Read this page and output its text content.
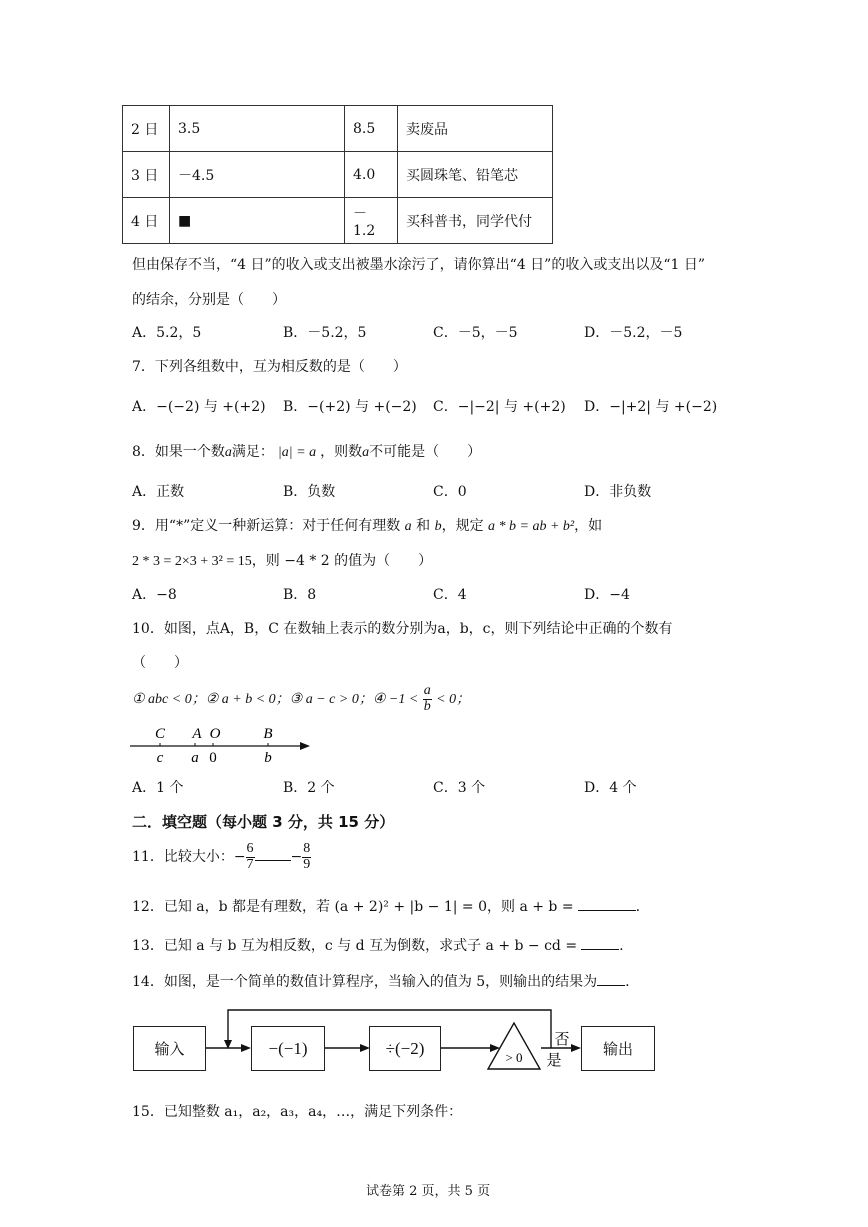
2 日	3.5	8.5	卖废品
3 日	－4.5	4.0	买圆珠笔、铅笔芯
4 日	■	－1.2	买科普书，同学代付
但由保存不当，“4 日”的收入或支出被墨水涂污了，请你算出“4 日”的收入或支出以及“1 日”
的结余，分别是（　　）
A．5.2，5	B．－5.2，5	C．－5，－5	D．－5.2，－5
7．下列各组数中，互为相反数的是（　　）
A．−(−2) 与 +(+2) B．−(+2) 与 +(−2) C．−|−2| 与 +(+2) D．−|+2| 与 +(−2)
8．如果一个数a满足： |a| = a ，则数a不可能是（　　）
A．正数	B．负数	C．0	D．非负数
9．用“*”定义一种新运算：对于任何有理数 a 和 b，规定 a * b = ab + b²，如
2 * 3 = 2×3 + 3² = 15，则 −4 * 2 的值为（　　）
A．−8	B．8	C．4	D．−4
10．如图，点A，B，C 在数轴上表示的数分别为a，b，c，则下列结论中正确的个数有
（　　）
① abc < 0；② a + b < 0；③ a − c > 0；④ $-1 < \frac{a}{b} < 0$；
C A O	B
c a 0	b
A．1 个	B．2 个	C．3 个	D．4 个
二．填空题（每小题 3 分，共 15 分）
11．比较大小：− $\frac{6}{7}$	− $\frac{8}{9}$
12．已知 a，b 都是有理数，若 (a + 2)² + |b − 1| = 0，则 a + b =	.
13．已知 a 与 b 互为相反数，c 与 d 互为倒数，求式子 a + b − cd =	.
14．如图，是一个简单的数值计算程序，当输入的值为 5，则输出的结果为 .
> 0
否
是
输入	−(−1)	÷(−2)	输出
15．已知整数 a₁，a₂，a₃，a₄，…，满足下列条件：
试卷第 2 页，共 5 页
